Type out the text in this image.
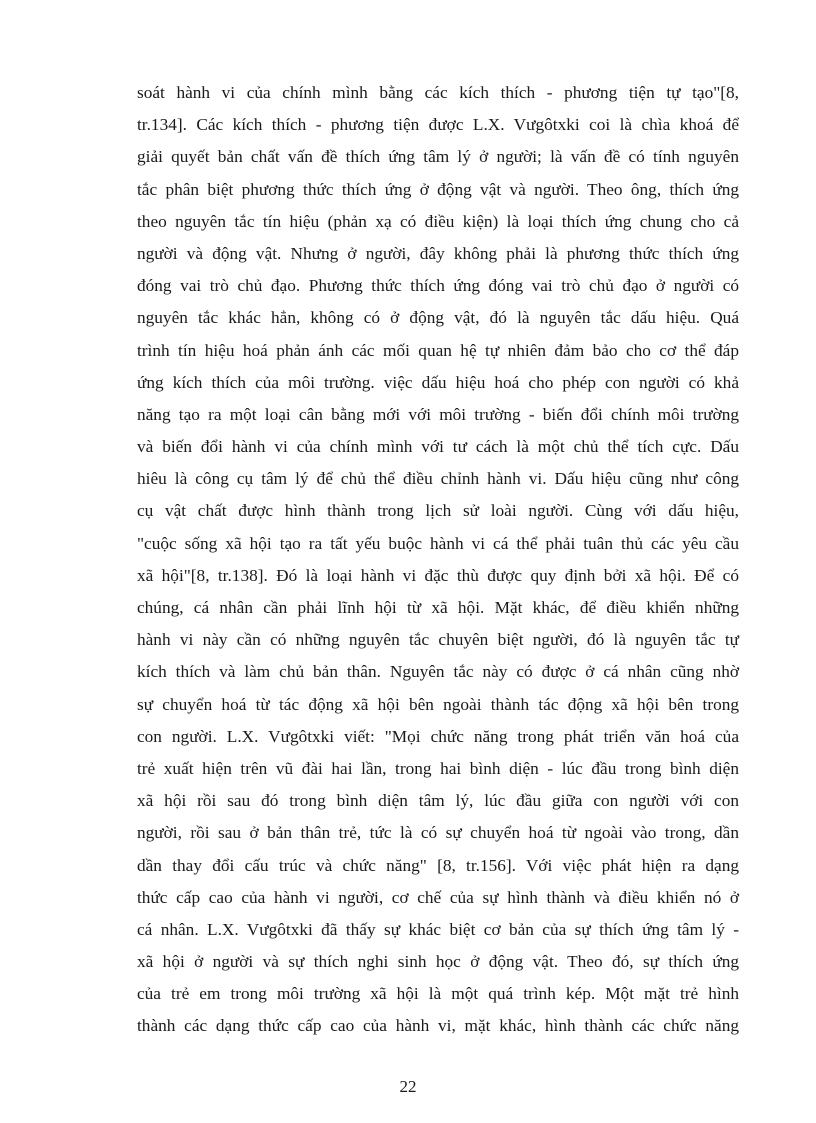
soát hành vi của chính mình bằng các kích thích - phương tiện tự tạo"[8,
tr.134]. Các kích thích - phương tiện được L.X. Vưgôtxki coi là chìa khoá để
giải quyết bản chất vấn đề thích ứng tâm lý ở người; là vấn đề có tính nguyên
tắc phân biệt phương thức thích ứng ở động vật và người. Theo ông, thích ứng
theo nguyên tắc tín hiệu (phản xạ có điều kiện) là loại thích ứng chung cho cả
người và động vật. Nhưng ở người, đây không phải là phương thức thích ứng
đóng vai trò chủ đạo. Phương thức thích ứng đóng vai trò chủ đạo ở người có
nguyên tắc khác hẳn, không có ở động vật, đó là nguyên tắc dấu hiệu. Quá
trình tín hiệu hoá phản ánh các mối quan hệ tự nhiên đảm bảo cho cơ thể đáp
ứng kích thích của môi trường. việc dấu hiệu hoá cho phép con người có khả
năng tạo ra một loại cân bằng mới với môi trường - biến đổi chính môi trường
và biến đổi hành vi của chính mình với tư cách là một chủ thể tích cực. Dấu
hiêu là công cụ tâm lý để chủ thể điều chỉnh hành vi. Dấu hiệu cũng như công
cụ vật chất được hình thành trong lịch sử loài người. Cùng với dấu hiệu,
"cuộc sống xã hội tạo ra tất yếu buộc hành vi cá thể phải tuân thủ các yêu cầu
xã hội"[8, tr.138]. Đó là loại hành vi đặc thù được quy định bởi xã hội. Để có
chúng, cá nhân cần phải lĩnh hội từ xã hội. Mặt khác, để điều khiển những
hành vi này cần có những nguyên tắc chuyên biệt người, đó là nguyên tắc tự
kích thích và làm chủ bản thân. Nguyên tắc này có được ở cá nhân cũng nhờ
sự chuyển hoá từ tác động xã hội bên ngoài thành tác động xã hội bên trong
con người. L.X. Vưgôtxki viết: "Mọi chức năng trong phát triển văn hoá của
trẻ xuất hiện trên vũ đài hai lần, trong hai bình diện - lúc đầu trong bình diện
xã hội rồi sau đó trong bình diện tâm lý, lúc đầu giữa con người với con
người, rồi sau ở bản thân trẻ, tức là có sự chuyển hoá từ ngoài vào trong, dần
dần thay đổi cấu trúc và chức năng" [8, tr.156]. Với việc phát hiện ra dạng
thức cấp cao của hành vi người, cơ chế của sự hình thành và điều khiển nó ở
cá nhân. L.X. Vưgôtxki đã thấy sự khác biệt cơ bản của sự thích ứng tâm lý -
xã hội ở người và sự thích nghi sinh học ở động vật. Theo đó, sự thích ứng
của trẻ em trong môi trường xã hội là một quá trình kép. Một mặt trẻ hình
thành các dạng thức cấp cao của hành vi, mặt khác, hình thành các chức năng
22
